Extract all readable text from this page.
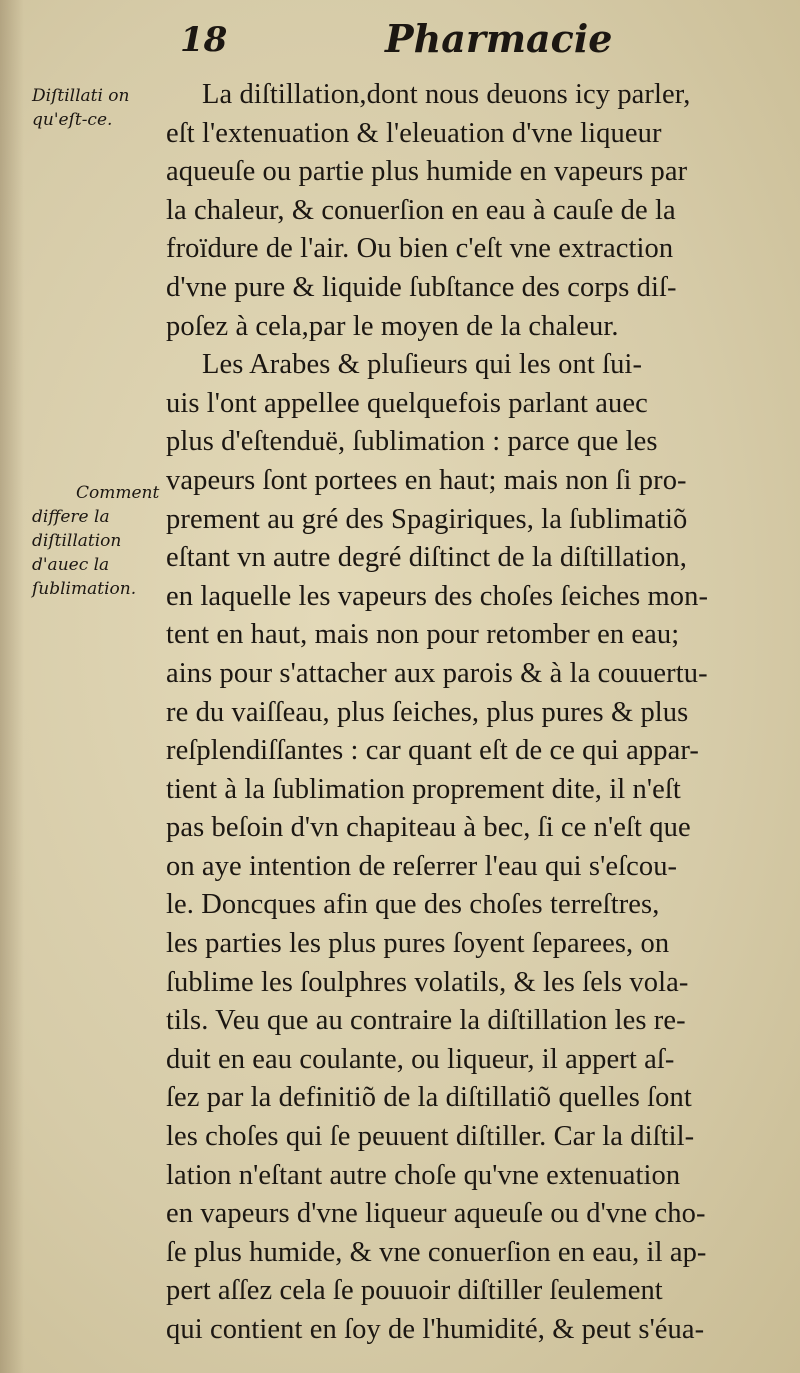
18	Pharmacie
Diſtillati on
qu'eſt-ce.
Comment
differe la
diſtillation
d'auec la
ſublimation.
La diſtillation,dont nous deuons icy parler,
eſt l'extenuation & l'eleuation d'vne liqueur
aqueuſe ou partie plus humide en vapeurs par
la chaleur, & conuerſion en eau à cauſe de la
froïdure de l'air. Ou bien c'eſt vne extraction
d'vne pure & liquide ſubſtance des corps diſ-
poſez à cela,par le moyen de la chaleur.
Les Arabes & pluſieurs qui les ont ſui-
uis l'ont appellee quelquefois parlant auec
plus d'eſtenduë, ſublimation : parce que les
vapeurs ſont portees en haut; mais non ſi pro-
prement au gré des Spagiriques, la ſublimatiõ
eſtant vn autre degré diſtinct de la diſtillation,
en laquelle les vapeurs des choſes ſeiches mon-
tent en haut, mais non pour retomber en eau;
ains pour s'attacher aux parois & à la couuertu-
re du vaiſſeau, plus ſeiches, plus pures & plus
reſplendiſſantes : car quant eſt de ce qui appar-
tient à la ſublimation proprement dite, il n'eſt
pas beſoin d'vn chapiteau à bec, ſi ce n'eſt que
on aye intention de reſerrer l'eau qui s'eſcou-
le. Doncques afin que des choſes terreſtres,
les parties les plus pures ſoyent ſeparees, on
ſublime les ſoulphres volatils, & les ſels vola-
tils. Veu que au contraire la diſtillation les re-
duit en eau coulante, ou liqueur, il appert aſ-
ſez par la definitiõ de la diſtillatiõ quelles ſont
les choſes qui ſe peuuent diſtiller. Car la diſtil-
lation n'eſtant autre choſe qu'vne extenuation
en vapeurs d'vne liqueur aqueuſe ou d'vne cho-
ſe plus humide, & vne conuerſion en eau, il ap-
pert aſſez cela ſe pouuoir diſtiller ſeulement
qui contient en ſoy de l'humidité, & peut s'éua-
